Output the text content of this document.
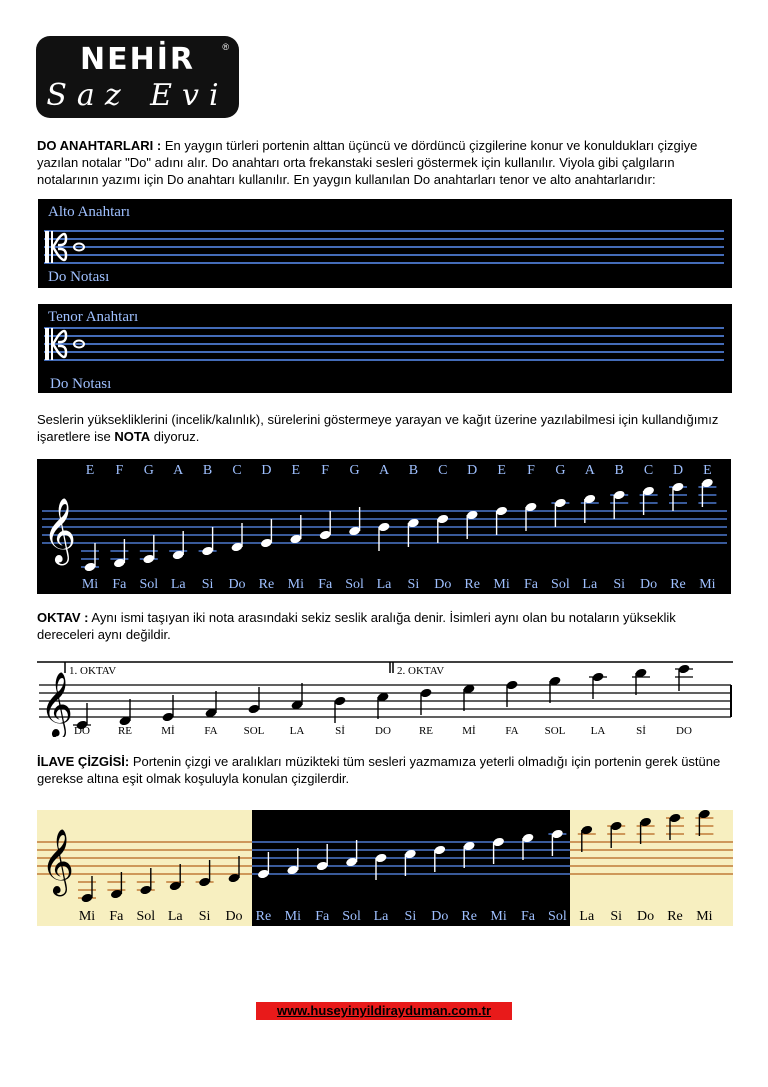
NEHİR	®
Saz Evi
DO ANAHTARLARI : En yaygın türleri portenin alttan üçüncü ve dördüncü çizgilerine konur ve konuldukları çizgiye yazılan notalar "Do" adını alır. Do anahtarı orta frekanstaki sesleri göstermek için kullanılır. Viyola gibi çalgıların notalarının yazımı için Do anahtarı kullanılır. En yaygın kullanılan Do anahtarları tenor ve alto anahtarlarıdır:
Alto Anahtarı
Do Notası
Tenor Anahtarı
Do Notası
Seslerin yüksekliklerini (incelik/kalınlık), sürelerini göstermeye yarayan ve kağıt üzerine yazılabilmesi için kullandığımız işaretlere ise NOTA diyoruz.
E F G A B C D E F G A B C D E F G A B C D E
Mi Fa Sol La Si Do Re Mi Fa Sol La Si Do Re Mi Fa Sol La Si Do Re Mi
𝄞
OKTAV : Aynı ismi taşıyan iki nota arasındaki sekiz seslik aralığa denir. İsimleri aynı olan bu notaların yükseklik dereceleri aynı değildir.
1. OKTAV	2. OKTAV
𝄞 DO	RE	Mİ	FA SOL LA	Sİ	DO	RE	Mİ	FA SOL LA	Sİ	DO
İLAVE ÇİZGİSİ: Portenin çizgi ve aralıkları müzikteki tüm sesleri yazmamıza yeterli olmadığı için portenin gerek üstüne gerekse altına eşit olmak koşuluyla konulan çizgilerdir.
Mi Fa Sol La Si Do Re Mi Fa Sol La Si Do Re Mi Fa Sol La Si Do Re Mi
𝄞
www.huseyinyildirayduman.com.tr
